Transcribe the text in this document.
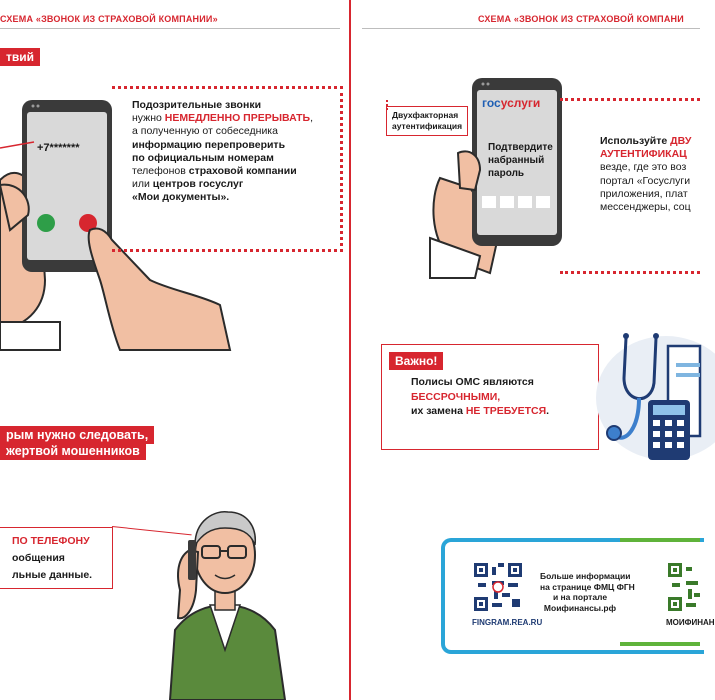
СХЕМА «ЗВОНОК ИЗ СТРАХОВОЙ КОМПАНИИ»	СХЕМА «ЗВОНОК ИЗ СТРАХОВОЙ КОМПАНИ
твий
+7*******
Подозрительные звонки
нужно НЕМЕДЛЕННО ПРЕРЫВАТЬ,
а полученную от собеседника
информацию перепроверить
по официальным номерам
телефонов страховой компании
или центров госуслуг
«Мои документы».
рым нужно следовать,
жертвой мошенников
ПО ТЕЛЕФОНУ
ообщения
льные данные.
госуслуги
Подтвердите
набранный
пароль
Двухфакторная
аутентификация
Используйте ДВУ
АУТЕНТИФИКАЦ
везде, где это воз
портал «Госуслуги
приложения, плат
мессенджеры, соц
Важно!
Полисы ОМС являются
БЕССРОЧНЫМИ,
их замена НЕ ТРЕБУЕТСЯ.
FINGRAM.REA.RU
Больше информации
на странице ФМЦ ФГН
и на портале
Моифинансы.рф
МОИФИНАН
